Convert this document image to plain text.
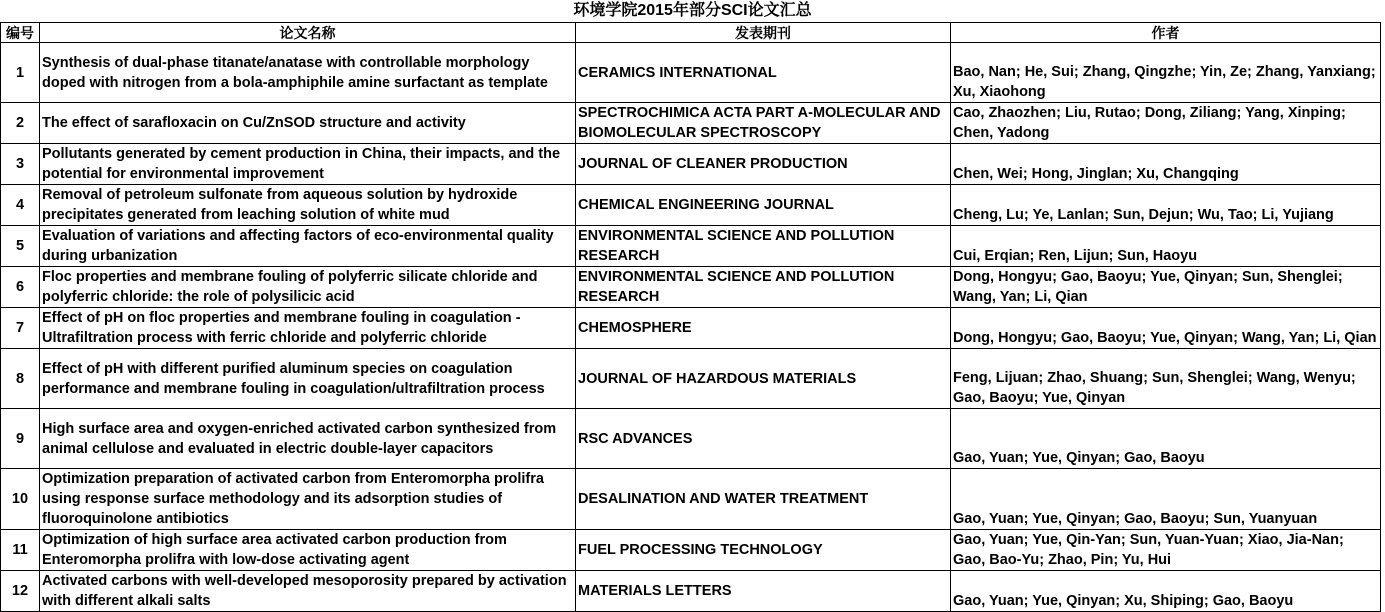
环境学院2015年部分SCI论文汇总
编号	论文名称	发表期刊	作者
1	Synthesis of dual-phase titanate/anatase with controllable morphology doped with nitrogen from a bola-amphiphile amine surfactant as template	CERAMICS INTERNATIONAL	Bao, Nan; He, Sui; Zhang, Qingzhe; Yin, Ze; Zhang, Yanxiang; Xu, Xiaohong
2	The effect of sarafloxacin on Cu/ZnSOD structure and activity	SPECTROCHIMICA ACTA PART A-MOLECULAR AND BIOMOLECULAR SPECTROSCOPY	Cao, Zhaozhen; Liu, Rutao; Dong, Ziliang; Yang, Xinping; Chen, Yadong
3	Pollutants generated by cement production in China, their impacts, and the potential for environmental improvement	JOURNAL OF CLEANER PRODUCTION	Chen, Wei; Hong, Jinglan; Xu, Changqing
4	Removal of petroleum sulfonate from aqueous solution by hydroxide precipitates generated from leaching solution of white mud	CHEMICAL ENGINEERING JOURNAL	Cheng, Lu; Ye, Lanlan; Sun, Dejun; Wu, Tao; Li, Yujiang
5	Evaluation of variations and affecting factors of eco-environmental quality during urbanization	ENVIRONMENTAL SCIENCE AND POLLUTION RESEARCH	Cui, Erqian; Ren, Lijun; Sun, Haoyu
6	Floc properties and membrane fouling of polyferric silicate chloride and polyferric chloride: the role of polysilicic acid	ENVIRONMENTAL SCIENCE AND POLLUTION RESEARCH	Dong, Hongyu; Gao, Baoyu; Yue, Qinyan; Sun, Shenglei; Wang, Yan; Li, Qian
7	Effect of pH on floc properties and membrane fouling in coagulation - Ultrafiltration process with ferric chloride and polyferric chloride	CHEMOSPHERE	Dong, Hongyu; Gao, Baoyu; Yue, Qinyan; Wang, Yan; Li, Qian
8	Effect of pH with different purified aluminum species on coagulation performance and membrane fouling in coagulation/ultrafiltration process	JOURNAL OF HAZARDOUS MATERIALS	Feng, Lijuan; Zhao, Shuang; Sun, Shenglei; Wang, Wenyu; Gao, Baoyu; Yue, Qinyan
9	High surface area and oxygen-enriched activated carbon synthesized from animal cellulose and evaluated in electric double-layer capacitors	RSC ADVANCES	Gao, Yuan; Yue, Qinyan; Gao, Baoyu
10	Optimization preparation of activated carbon from Enteromorpha prolifra using response surface methodology and its adsorption studies of fluoroquinolone antibiotics	DESALINATION AND WATER TREATMENT	Gao, Yuan; Yue, Qinyan; Gao, Baoyu; Sun, Yuanyuan
11	Optimization of high surface area activated carbon production from Enteromorpha prolifra with low-dose activating agent	FUEL PROCESSING TECHNOLOGY	Gao, Yuan; Yue, Qin-Yan; Sun, Yuan-Yuan; Xiao, Jia-Nan; Gao, Bao-Yu; Zhao, Pin; Yu, Hui
12	Activated carbons with well-developed mesoporosity prepared by activation with different alkali salts	MATERIALS LETTERS	Gao, Yuan; Yue, Qinyan; Xu, Shiping; Gao, Baoyu
